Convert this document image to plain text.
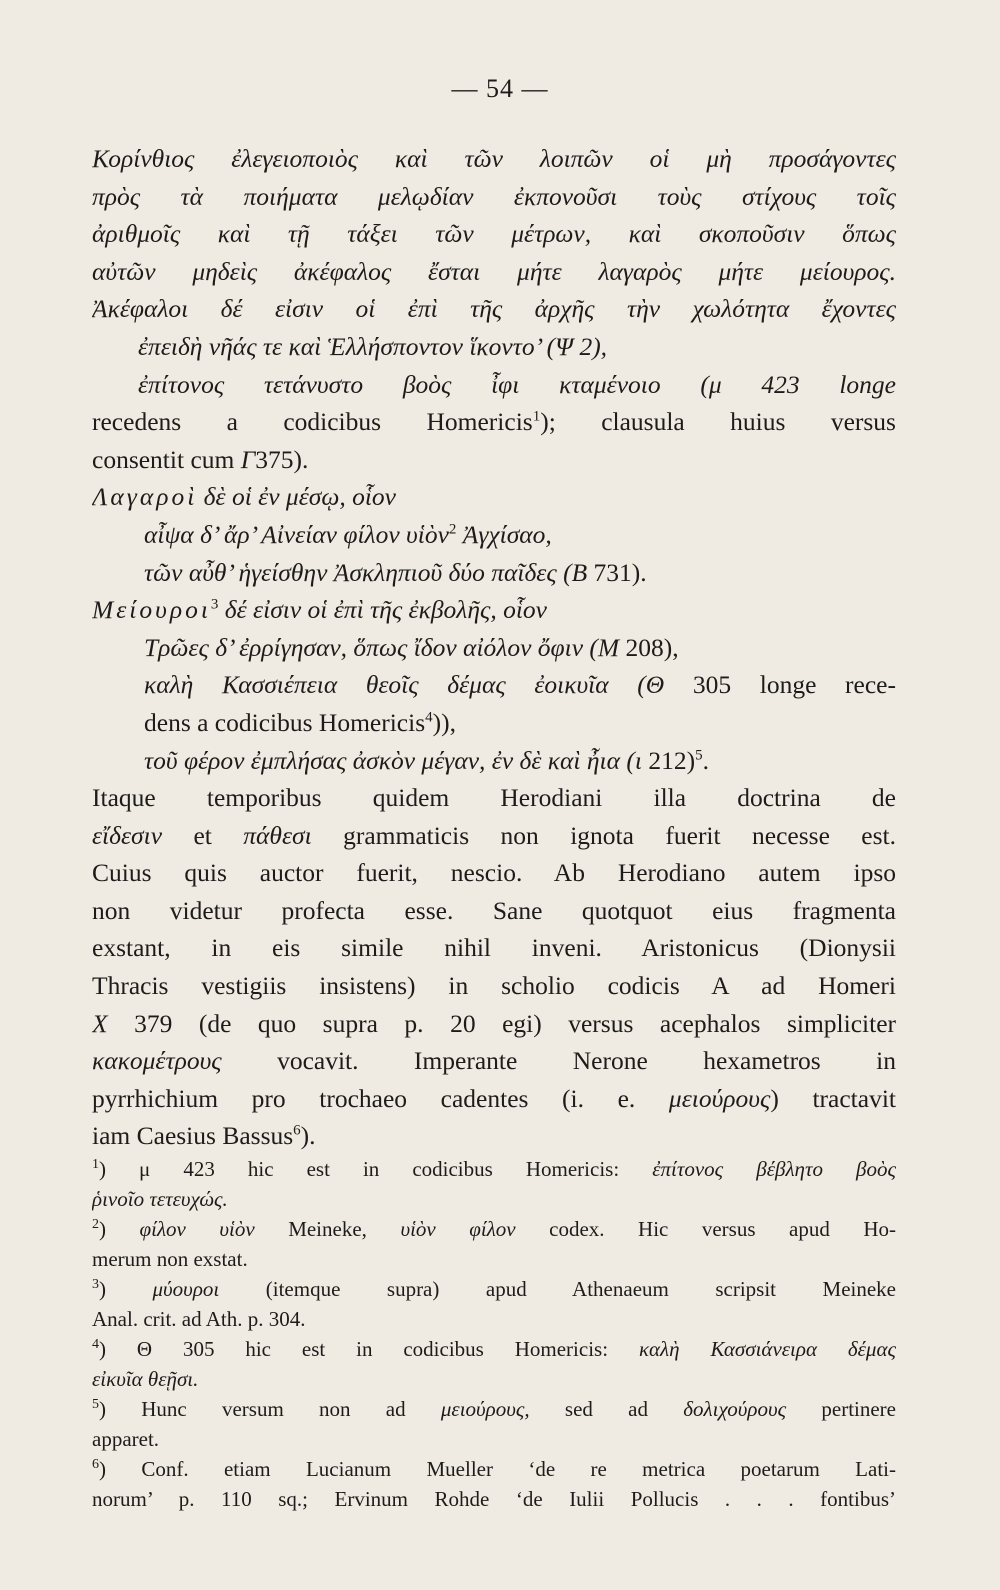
— 54 —
Κορίνθιος ἐλεγειοποιὸς καὶ τῶν λοιπῶν οἱ μὴ προσάγοντες
πρὸς τὰ ποιήματα μελῳδίαν ἐκπονοῦσι τοὺς στίχους τοῖς
ἀριθμοῖς καὶ τῇ τάξει τῶν μέτρων, καὶ σκοποῦσιν ὅπως
αὐτῶν μηδεὶς ἀκέφαλος ἔσται μήτε λαγαρὸς μήτε μείουρος.
Ἀκέφαλοι δέ εἰσιν οἱ ἐπὶ τῆς ἀρχῆς τὴν χωλότητα ἔχοντες
ἐπειδὴ νῆάς τε καὶ Ἑλλήσποντον ἵκοντο’ (Ψ 2),
ἐπίτονος τετάνυστο βοὸς ἶφι κταμένοιο (μ 423 longe
recedens a codicibus Homericis$^1$); clausula huius versus
consentit cum Γ375).
Λαγαροὶ δὲ οἱ ἐν μέσῳ, οἷον
αἶψα δ’ ἄρ’ Αἰνείαν φίλον υἱὸν$^2$ Ἀγχίσαο,
τῶν αὖθ’ ἡγείσθην Ἀσκληπιοῦ δύο παῖδες (Β 731).
Μείουροι$^3$ δέ εἰσιν οἱ ἐπὶ τῆς ἐκβολῆς, οἷον
Τρῶες δ’ ἐρρίγησαν, ὅπως ἴδον αἰόλον ὄφιν (Μ 208),
καλὴ Κασσιέπεια θεοῖς δέμας ἐοικυῖα (Θ 305 longe rece-
dens a codicibus Homericis$^4$)),
τοῦ φέρον ἐμπλήσας ἀσκὸν μέγαν, ἐν δὲ καὶ ἦια (ι 212)$^5$.
Itaque temporibus quidem Herodiani illa doctrina de
εἴδεσιν et πάθεσι grammaticis non ignota fuerit necesse est.
Cuius quis auctor fuerit, nescio. Ab Herodiano autem ipso
non videtur profecta esse. Sane quotquot eius fragmenta
exstant, in eis simile nihil inveni. Aristonicus (Dionysii
Thracis vestigiis insistens) in scholio codicis A ad Homeri
Χ 379 (de quo supra p. 20 egi) versus acephalos simpliciter
κακομέτρους vocavit. Imperante Nerone hexametros in
pyrrhichium pro trochaeo cadentes (i. e. μειούρους) tractavit
iam Caesius Bassus$^6$).
$^1$) μ 423 hic est in codicibus Homericis: ἐπίτονος βέβλητο βοὸς
ῥινοῖο τετευχώς.
$^2$) φίλον υἱὸν Meineke, υἱὸν φίλον codex. Hic versus apud Ho-
merum non exstat.
$^3$) μύουροι (itemque supra) apud Athenaeum scripsit Meineke
Anal. crit. ad Ath. p. 304.
$^4$) Θ 305 hic est in codicibus Homericis: καλὴ Κασσιάνειρα δέμας
εἰκυῖα θεῇσι.
$^5$) Hunc versum non ad μειούρους, sed ad δολιχούρους pertinere
apparet.
$^6$) Conf. etiam Lucianum Mueller ‘de re metrica poetarum Lati-
norum’ p. 110 sq.; Ervinum Rohde ‘de Iulii Pollucis . . . fontibus’
